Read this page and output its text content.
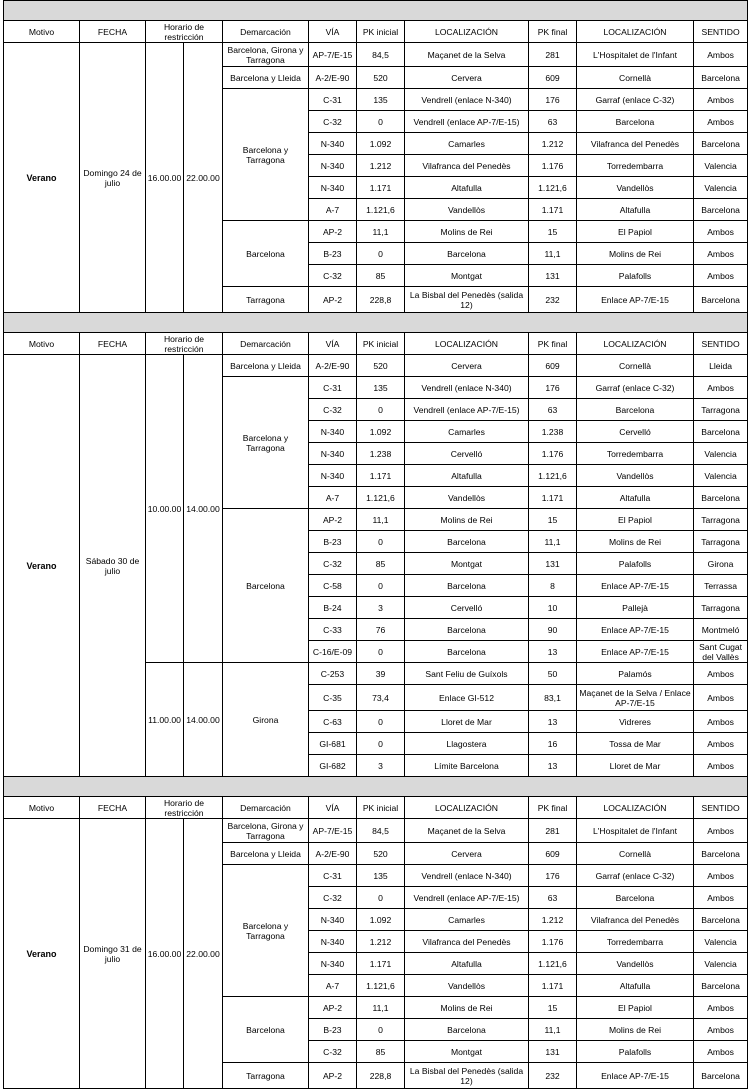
Motivo	FECHA	Horario de restricción		Demarcación	VÍA	PK inicial	LOCALIZACIÓN	PK final	LOCALIZACIÓN	SENTIDO
Verano	Domingo 24 de julio	16.00.00	22.00.00	Barcelona, Girona y Tarragona	AP-7/E-15	84,5	Maçanet de la Selva	281	L'Hospitalet de l'Infant	Ambos
				Barcelona y Lleida	A-2/E-90	520	Cervera	609	Cornellà	Barcelona
				Barcelona y Tarragona	C-31	135	Vendrell (enlace N-340)	176	Garraf (enlace C-32)	Ambos
					C-32	0	Vendrell (enlace AP-7/E-15)	63	Barcelona	Ambos
					N-340	1.092	Camarles	1.212	Vilafranca del Penedès	Barcelona
					N-340	1.212	Vilafranca del Penedès	1.176	Torredembarra	Valencia
					N-340	1.171	Altafulla	1.121,6	Vandellòs	Valencia
					A-7	1.121,6	Vandellòs	1.171	Altafulla	Barcelona
				Barcelona	AP-2	11,1	Molins de Rei	15	El Papiol	Ambos
					B-23	0	Barcelona	11,1	Molins de Rei	Ambos
					C-32	85	Montgat	131	Palafolls	Ambos
				Tarragona	AP-2	228,8	La Bisbal del Penedès (salida 12)	232	Enlace AP-7/E-15	Barcelona

Motivo	FECHA	Horario de restricción		Demarcación	VÍA	PK inicial	LOCALIZACIÓN	PK final	LOCALIZACIÓN	SENTIDO
Verano	Sábado 30 de julio	10.00.00	14.00.00	Barcelona y Lleida	A-2/E-90	520	Cervera	609	Cornellà	Lleida
				Barcelona y Tarragona	C-31	135	Vendrell (enlace N-340)	176	Garraf (enlace C-32)	Ambos
					C-32	0	Vendrell (enlace AP-7/E-15)	63	Barcelona	Tarragona
					N-340	1.092	Camarles	1.238	Cervelló	Barcelona
					N-340	1.238	Cervelló	1.176	Torredembarra	Valencia
					N-340	1.171	Altafulla	1.121,6	Vandellòs	Valencia
					A-7	1.121,6	Vandellòs	1.171	Altafulla	Barcelona
				Barcelona	AP-2	11,1	Molins de Rei	15	El Papiol	Tarragona
					B-23	0	Barcelona	11,1	Molins de Rei	Tarragona
					C-32	85	Montgat	131	Palafolls	Girona
					C-58	0	Barcelona	8	Enlace AP-7/E-15	Terrassa
					B-24	3	Cervelló	10	Pallejà	Tarragona
					C-33	76	Barcelona	90	Enlace AP-7/E-15	Montmeló
					C-16/E-09	0	Barcelona	13	Enlace AP-7/E-15	Sant Cugat del Vallès
		11.00.00	14.00.00	Girona	C-253	39	Sant Feliu de Guíxols	50	Palamós	Ambos
					C-35	73,4	Enlace GI-512	83,1	Maçanet de la Selva / Enlace AP-7/E-15	Ambos
					C-63	0	Lloret de Mar	13	Vidreres	Ambos
					GI-681	0	Llagostera	16	Tossa de Mar	Ambos
					GI-682	3	Límite Barcelona	13	Lloret de Mar	Ambos

Motivo	FECHA	Horario de restricción		Demarcación	VÍA	PK inicial	LOCALIZACIÓN	PK final	LOCALIZACIÓN	SENTIDO
Verano	Domingo 31 de julio	16.00.00	22.00.00	Barcelona, Girona y Tarragona	AP-7/E-15	84,5	Maçanet de la Selva	281	L'Hospitalet de l'Infant	Ambos
				Barcelona y Lleida	A-2/E-90	520	Cervera	609	Cornellà	Barcelona
				Barcelona y Tarragona	C-31	135	Vendrell (enlace N-340)	176	Garraf (enlace C-32)	Ambos
					C-32	0	Vendrell (enlace AP-7/E-15)	63	Barcelona	Ambos
					N-340	1.092	Camarles	1.212	Vilafranca del Penedès	Barcelona
					N-340	1.212	Vilafranca del Penedès	1.176	Torredembarra	Valencia
					N-340	1.171	Altafulla	1.121,6	Vandellòs	Valencia
					A-7	1.121,6	Vandellòs	1.171	Altafulla	Barcelona
				Barcelona	AP-2	11,1	Molins de Rei	15	El Papiol	Ambos
					B-23	0	Barcelona	11,1	Molins de Rei	Ambos
					C-32	85	Montgat	131	Palafolls	Ambos
				Tarragona	AP-2	228,8	La Bisbal del Penedès (salida 12)	232	Enlace AP-7/E-15	Barcelona
